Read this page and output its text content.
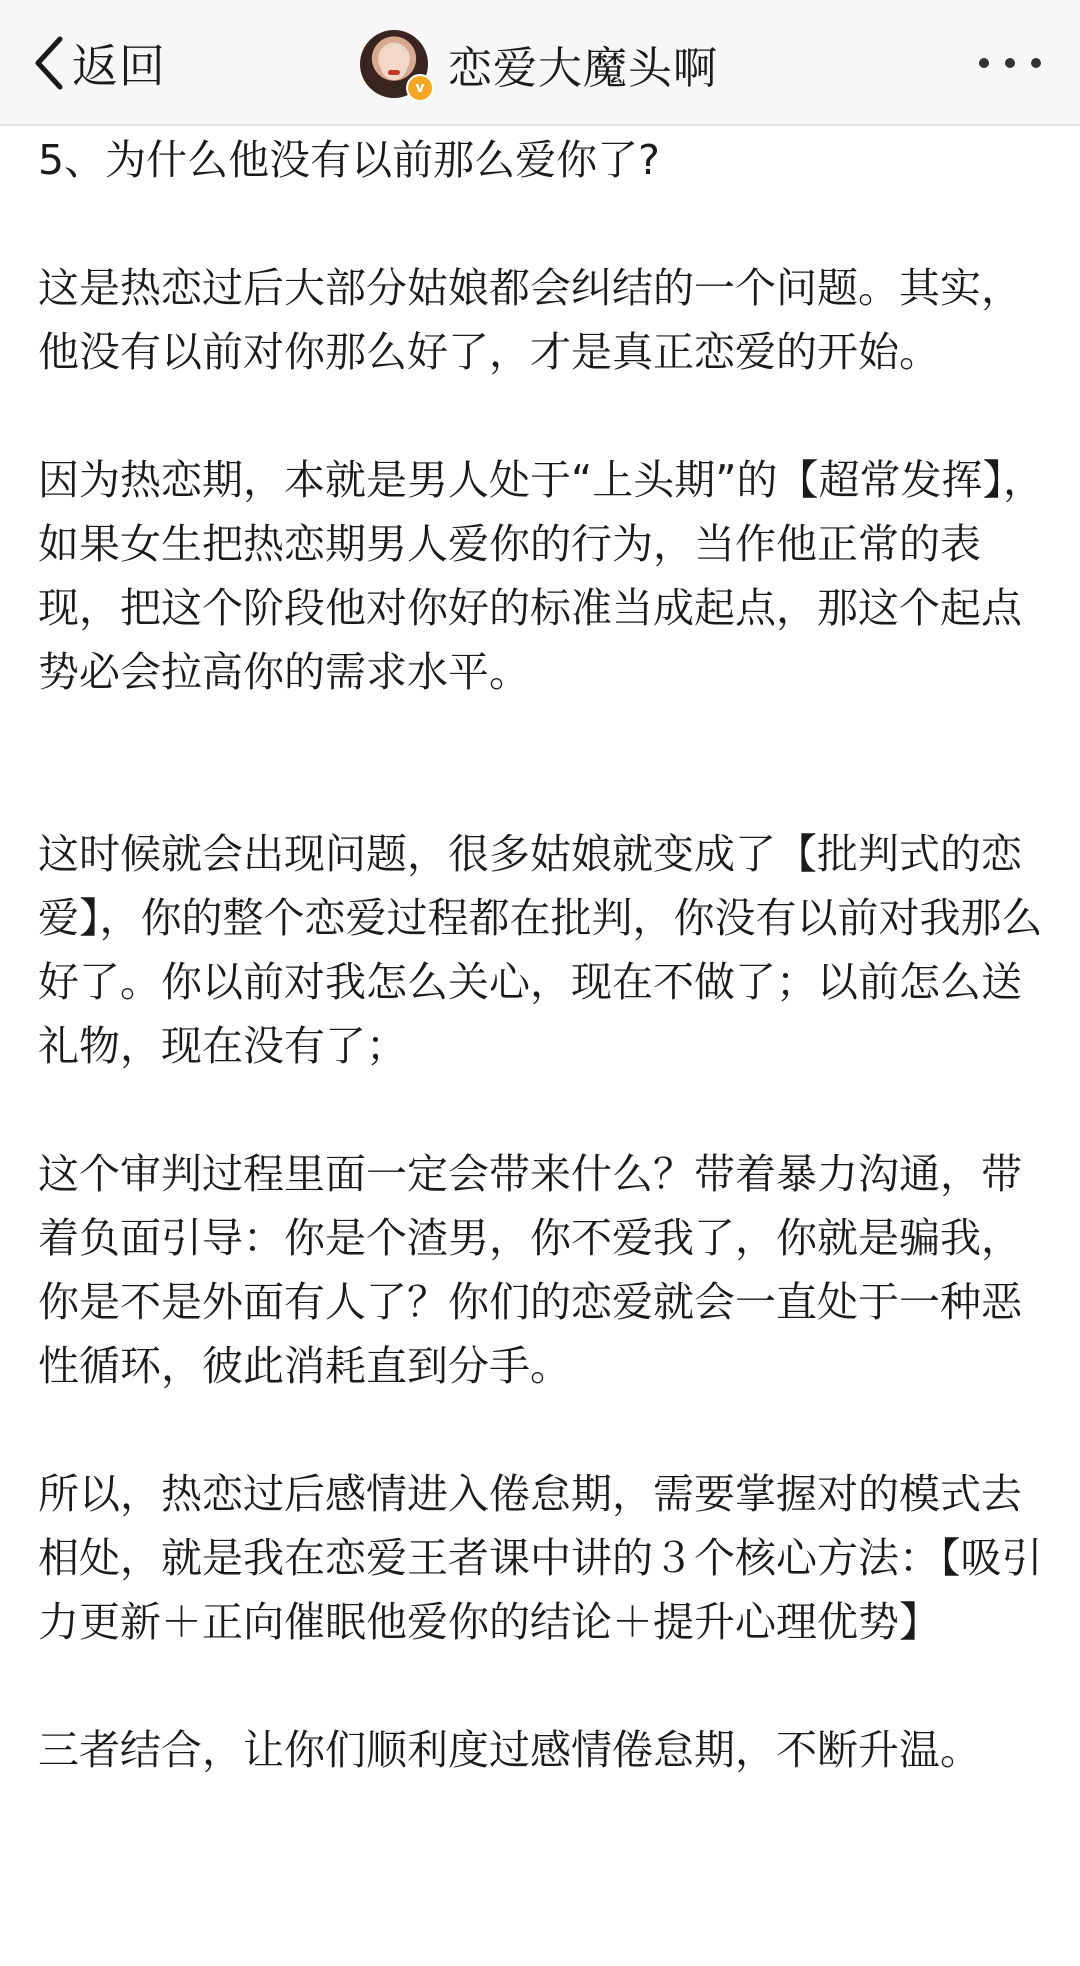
返回	v 恋爱大魔头啊

5、为什么他没有以前那么爱你了?

这是热恋过后大部分姑娘都会纠结的一个问题。其实，他没有以前对你那么好了，才是真正恋爱的开始。

因为热恋期，本就是男人处于“上头期”的【超常发挥】，如果女生把热恋期男人爱你的行为，当作他正常的表现，把这个阶段他对你好的标准当成起点，那这个起点势必会拉高你的需求水平。

这时候就会出现问题，很多姑娘就变成了【批判式的恋爱】，你的整个恋爱过程都在批判，你没有以前对我那么好了。你以前对我怎么关心，现在不做了；以前怎么送礼物，现在没有了；

这个审判过程里面一定会带来什么？带着暴力沟通，带着负面引导：你是个渣男，你不爱我了，你就是骗我，你是不是外面有人了？你们的恋爱就会一直处于一种恶性循环，彼此消耗直到分手。

所以，热恋过后感情进入倦怠期，需要掌握对的模式去相处，就是我在恋爱王者课中讲的３个核心方法：【吸引力更新＋正向催眠他爱你的结论＋提升心理优势】

三者结合，让你们顺利度过感情倦怠期，不断升温。
